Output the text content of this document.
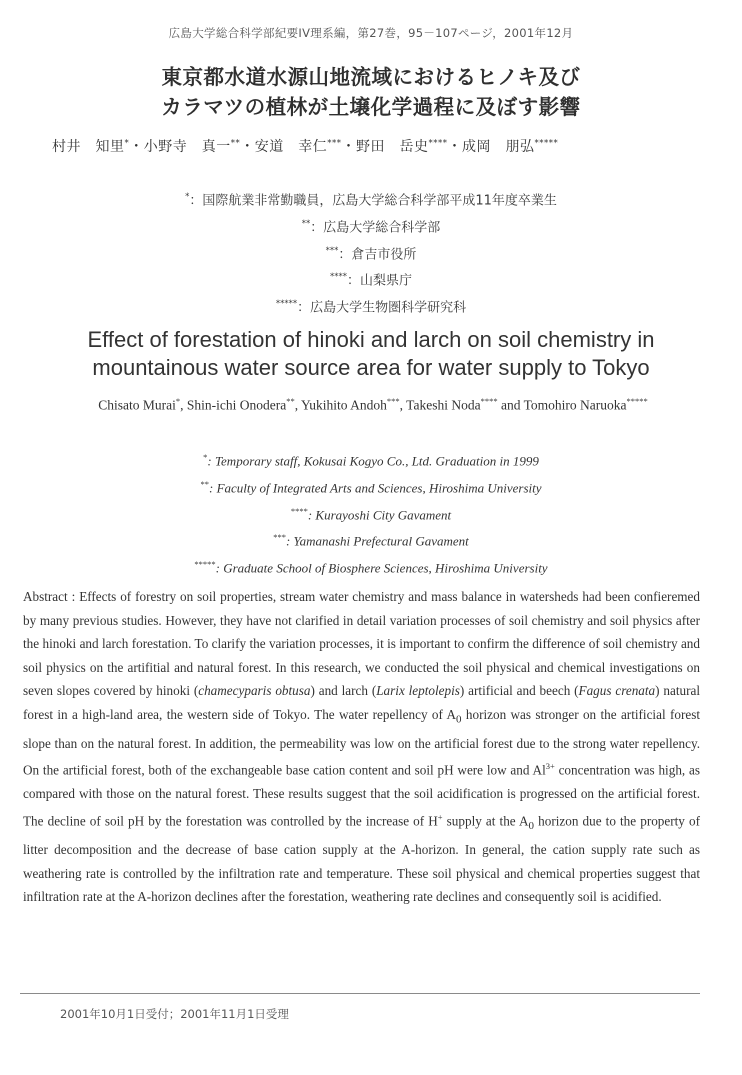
広島大学総合科学部紀要IV理系編，第27巻，95－107ページ，2001年12月
東京都水道水源山地流域におけるヒノキ及び
カラマツの植林が土壌化学過程に及ぼす影響
村井　知里*・小野寺　真一**・安道　幸仁***・野田　岳史****・成岡　朋弘*****
*：国際航業非常勤職員，広島大学総合科学部平成11年度卒業生
**：広島大学総合科学部
***：倉吉市役所
****：山梨県庁
*****：広島大学生物圏科学研究科
Effect of forestation of hinoki and larch on soil chemistry in
mountainous water source area for water supply to Tokyo
Chisato Murai*, Shin-ichi Onodera**, Yukihito Andoh***, Takeshi Noda**** and Tomohiro Naruoka*****
*: Temporary staff, Kokusai Kogyo Co., Ltd. Graduation in 1999
**: Faculty of Integrated Arts and Sciences, Hiroshima University
****: Kurayoshi City Gavament
***: Yamanashi Prefectural Gavament
*****: Graduate School of Biosphere Sciences, Hiroshima University
Abstract : Effects of forestry on soil properties, stream water chemistry and mass balance in watersheds had been confieremed by many previous studies. However, they have not clarified in detail variation processes of soil chemistry and soil physics after the hinoki and larch forestation. To clarify the variation processes, it is important to confirm the difference of soil chemistry and soil physics on the artifitial and natural forest. In this research, we conducted the soil physical and chemical investigations on seven slopes covered by hinoki (chamecyparis obtusa) and larch (Larix leptolepis) artificial and beech (Fagus crenata) natural forest in a high-land area, the western side of Tokyo. The water repellency of $A_0$ horizon was stronger on the artificial forest slope than on the natural forest. In addition, the permeability was low on the artificial forest due to the strong water repellency. On the artificial forest, both of the exchangeable base cation content and soil pH were low and $Al^{3+}$ concentration was high, as compared with those on the natural forest. These results suggest that the soil acidification is progressed on the artificial forest. The decline of soil pH by the forestation was controlled by the increase of H+ supply at the $A_0$ horizon due to the property of litter decomposition and the decrease of base cation supply at the A-horizon. In general, the cation supply rate such as weathering rate is controlled by the infiltration rate and temperature. These soil physical and chemical properties suggest that infiltration rate at the A-horizon declines after the forestation, weathering rate declines and consequently soil is acidified.
2001年10月1日受付；2001年11月1日受理
